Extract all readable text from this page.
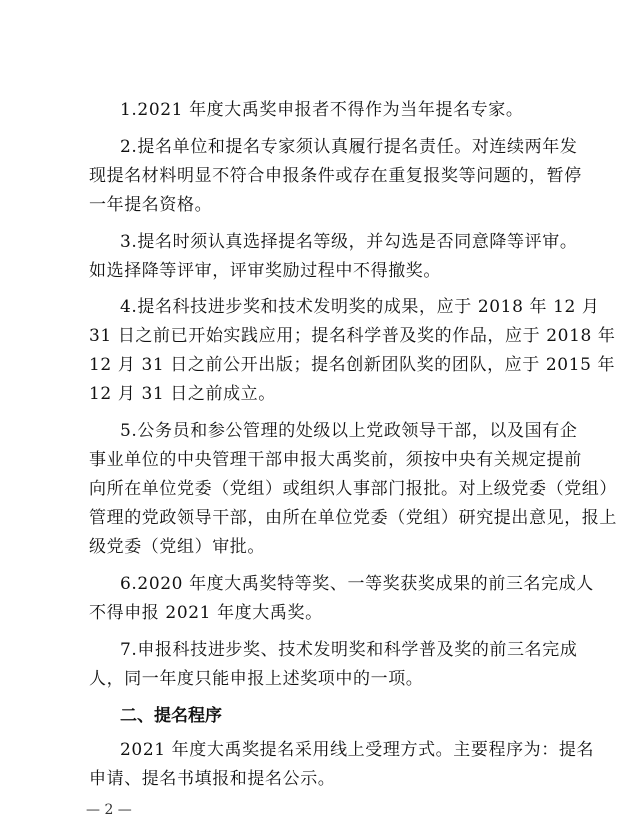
1.2021 年度大禹奖申报者不得作为当年提名专家。
2.提名单位和提名专家须认真履行提名责任。对连续两年发
现提名材料明显不符合申报条件或存在重复报奖等问题的，暂停
一年提名资格。
3.提名时须认真选择提名等级，并勾选是否同意降等评审。
如选择降等评审，评审奖励过程中不得撤奖。
4.提名科技进步奖和技术发明奖的成果，应于 2018 年 12 月
31 日之前已开始实践应用；提名科学普及奖的作品，应于 2018 年
12 月 31 日之前公开出版；提名创新团队奖的团队，应于 2015 年
12 月 31 日之前成立。
5.公务员和参公管理的处级以上党政领导干部，以及国有企
事业单位的中央管理干部申报大禹奖前，须按中央有关规定提前
向所在单位党委（党组）或组织人事部门报批。对上级党委（党组）
管理的党政领导干部，由所在单位党委（党组）研究提出意见，报上
级党委（党组）审批。
6.2020 年度大禹奖特等奖、一等奖获奖成果的前三名完成人
不得申报 2021 年度大禹奖。
7.申报科技进步奖、技术发明奖和科学普及奖的前三名完成
人，同一年度只能申报上述奖项中的一项。
二、提名程序
2021 年度大禹奖提名采用线上受理方式。主要程序为：提名
申请、提名书填报和提名公示。
— 2 —
